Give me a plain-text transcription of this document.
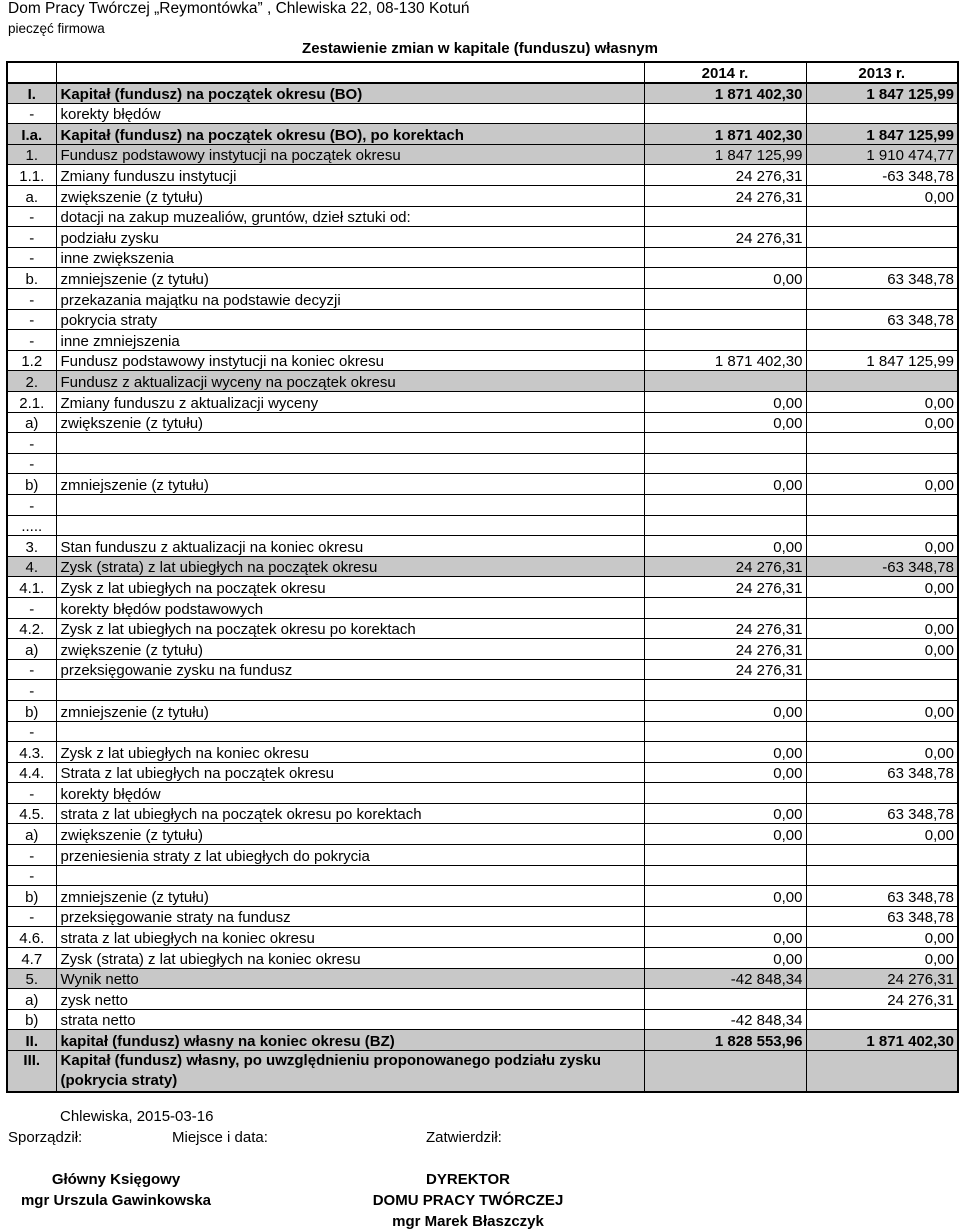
Dom Pracy Twórczej „Reymontówka” , Chlewiska 22, 08-130 Kotuń
pieczęć firmowa
Zestawienie zmian w kapitale (funduszu) własnym
		2014 r.	2013 r.
I.	Kapitał (fundusz) na początek okresu (BO)	1 871 402,30	1 847 125,99
-	korekty błędów		
I.a.	Kapitał (fundusz) na początek okresu (BO), po korektach	1 871 402,30	1 847 125,99
1.	Fundusz podstawowy instytucji na początek okresu	1 847 125,99	1 910 474,77
1.1.	Zmiany funduszu instytucji	24 276,31	-63 348,78
a.	zwiększenie (z tytułu)	24 276,31	0,00
-	dotacji na zakup muzealiów, gruntów, dzieł sztuki od:		
-	podziału zysku	24 276,31	
-	inne zwiększenia		
b.	zmniejszenie (z tytułu)	0,00	63 348,78
-	przekazania majątku na podstawie decyzji		
-	pokrycia straty		63 348,78
-	inne zmniejszenia		
1.2	Fundusz podstawowy instytucji na koniec okresu	1 871 402,30	1 847 125,99
2.	Fundusz z aktualizacji wyceny na początek okresu		
2.1.	Zmiany funduszu z aktualizacji wyceny	0,00	0,00
a)	zwiększenie (z tytułu)	0,00	0,00
-			
-			
b)	zmniejszenie (z tytułu)	0,00	0,00
-			
.....			
3.	Stan funduszu z aktualizacji na koniec okresu	0,00	0,00
4.	Zysk (strata) z lat ubiegłych na początek okresu	24 276,31	-63 348,78
4.1.	Zysk z lat ubiegłych na początek okresu	24 276,31	0,00
-	korekty błędów podstawowych		
4.2.	Zysk z lat ubiegłych na początek okresu po korektach	24 276,31	0,00
a)	zwiększenie (z tytułu)	24 276,31	0,00
-	przeksięgowanie zysku na fundusz	24 276,31	
-			
b)	zmniejszenie (z tytułu)	0,00	0,00
-			
4.3.	Zysk z lat ubiegłych na koniec okresu	0,00	0,00
4.4.	Strata z lat ubiegłych na początek okresu	0,00	63 348,78
-	korekty błędów		
4.5.	strata z lat ubiegłych na początek okresu po korektach	0,00	63 348,78
a)	zwiększenie (z tytułu)	0,00	0,00
-	przeniesienia straty z lat ubiegłych do pokrycia		
-			
b)	zmniejszenie (z tytułu)	0,00	63 348,78
-	przeksięgowanie straty na fundusz		63 348,78
4.6.	strata z lat ubiegłych na koniec okresu	0,00	0,00
4.7	Zysk (strata) z lat ubiegłych na koniec okresu	0,00	0,00
5.	Wynik netto	-42 848,34	24 276,31
a)	zysk netto		24 276,31
b)	strata netto	-42 848,34	
II.	kapitał (fundusz) własny na koniec okresu (BZ)	1 828 553,96	1 871 402,30
III.	Kapitał (fundusz) własny, po uwzględnieniu proponowanego podziału zysku (pokrycia straty)		
Chlewiska, 2015-03-16
Sporządził:	Miejsce i data:	Zatwierdził:
Główny Księgowy
mgr Urszula Gawinkowska
DYREKTOR
DOMU PRACY TWÓRCZEJ
mgr Marek Błaszczyk
